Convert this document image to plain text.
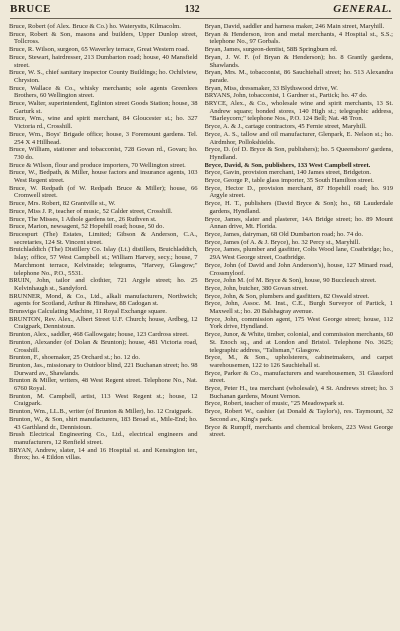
BRUCE	132	GENERAL.

Bruce, Robert (of Alex. Bruce & Co.) ho. Waterystts, Kilmacolm.

Bruce, Robert & Son, masons and builders, Upper Dunlop street, Tollcross.

Bruce, R. Wilson, surgeon, 65 Waverley terrace, Great Western road.

Bruce, Stewart, hairdresser, 213 Dumbarton road; house, 40 Mansfield street.

Bruce, W. S., chief sanitary inspector County Buildings; ho. Ochilview, Chryston.

Bruce, Wallace & Co., whisky merchants; sole agents Greenlees Brothers, 60 Wellington street.

Bruce, Walter, superintendent, Eglinton street Goods Station; house, 38 Garturk st.

Bruce, Wm., wine and spirit merchant, 84 Gloucester st.; ho. 327 Victoria rd., Crosshill.

Bruce, Wm., Boys' Brigade office; house, 3 Foremount gardens. Tel. 254 X 4 Hillhead.

Bruce, William, stationer and tobacconist, 728 Govan rd., Govan; ho. 730 do.

Bruce & Wilson, flour and produce importers, 70 Wellington street.

Bruce, W., Bedpath, & Miller, house factors and insurance agents, 103 West Regent street.

Bruce, W. Redpath (of W. Redpath Bruce & Miller); house, 66 Cromwell street.

Bruce, Mrs. Robert, 82 Grantville st., W.

Bruce, Miss J. P., teacher of music, 52 Calder street, Crosshill.

Bruce, The Misses, 1 Athole gardens ter., 26 Ruthven st.

Bruce, Marion, newsagent, 52 Hopehill road; house, 50 do.

Brucespurt (The) Estates, Limited; Gibson & Anderson, C.A., secretaries, 124 St. Vincent street.

Bruichladdich (The) Distillery Co. Islay (Lt.) distillers, Bruichladdich, Islay; office, 57 West Campbell st.; William Harvey, secy.; house, 7 Marchmont terrace, Kelvinside; telegrams, "Harvey, Glasgow;" telephone No., P.O., 5531.

BRUIN, John, tailor and clothier, 721 Argyle street; ho. 25 Kelvinhaugh st., Sandyford.

BRUNNER, Mond, & Co., Ltd., alkali manufacturers, Northwich; agents for Scotland, Arthur & Hinshaw, 88 Cadogan st.

Brunsviga Calculating Machine, 11 Royal Exchange square.

BRUNTON, Rev. Alex., Albert Street U.F. Church; house, Ardbeg, 12 Craigpark, Dennistoun.

Brunton, Alex., saddler, 468 Gallowgate; house, 123 Cardross street.

Brunton, Alexander (of Dolan & Brunton); house, 481 Victoria road, Crosshill.

Brunton, F., shoemaker, 25 Orchard st.; ho. 12 do.

Brunton, Jas., missionary to Outdoor blind, 221 Buchanan street; ho. 98 Durward av., Shawlands.

Brunton & Miller, writers, 48 West Regent street. Telephone No., Nat. 6760 Royal.

Brunton, M. Campbell, artist, 113 West Regent st.; house, 12 Craigpark.

Brunton, Wm., LL.B., writer (of Brunton & Miller), ho. 12 Craigpark.

Brunton, W., & Son, shirt manufacturers, 183 Broad st., Mile-End; ho. 43 Garthland dr., Dennistoun.

Brush Electrical Engineering Co., Ltd., electrical engineers and manufacturers, 12 Renfield street.

BRYAN, Andrew, slater, 14 and 16 Hospital st. and Kensington ter., Ibrox; ho. 4 Eildon villas.

Bryan, David, saddler and harness maker, 246 Main street, Maryhill.

Bryan & Henderson, iron and metal merchants, 4 Hospital st., S.S.; telephone No., 97 Gorbals.

Bryan, James, surgeon-dentist, 58B Springburn rd.

Bryan, J. W. F. (of Bryan & Henderson); ho. 8 Grantly gardens, Shawlands.

Bryan, Mrs. M., tobacconist, 86 Sauchiehall street; ho. 513 Alexandra parade.

Bryan, Miss, dressmaker, 33 Blythswood drive, W.

BRYANS, John, tobacconist, 1 Gardner st., Partick; ho. 47 do.

BRYCE, Alex., & Co., wholesale wine and spirit merchants, 13 St. Andrew square; bonded stores, 140 High st.; telegraphic address, "Barleycorn;" telephone Nos., P.O. 124 Bell; Nat. 48 Tron.

Bryce, A. & J., cartage contractors, 45 Fernie street, Maryhill.

Bryce, A. S., tallow and oil manufacturer, Glenpark, E. Nelson st.; ho. Airdmhor, Pollokshields.

Bryce, D. (of D. Bryce & Son, publishers); ho. 5 Queensboro' gardens, Hyndland.

Bryce, David, & Son, publishers, 133 West Campbell street.

Bryce, Gavin, provision merchant, 140 James street, Bridgeton.

Bryce, George P., table glass importer, 35 South Hamilton street.

Bryce, Hector D., provision merchant, 87 Hopehill road; ho. 919 Argyle street.

Bryce, H. T., publishers (David Bryce & Son); ho., 68 Lauderdale gardens, Hyndland.

Bryce, James, slater and plasterer, 14A Bridge street; ho. 89 Mount Annan drive, Mt. Florida.

Bryce, James, dairyman, 68 Old Dumbarton road; ho. 74 do.

Bryce, James (of A. & J. Bryce), ho. 32 Percy st., Maryhill.

Bryce, James, plumber and gasfitter, Colts Wood lane, Coatbridge; ho., 29A West George street, Coatbridge.

Bryce, John (of David and John Anderson's), house, 127 Minard road, Crossmyloof.

Bryce, John M. (of M. Bryce & Son), house, 90 Buccleuch street.

Bryce, John, butcher, 380 Govan street.

Bryce, John, & Son, plumbers and gasfitters, 82 Oswald street.

Bryce, John, Assoc. M. Inst., C.E., Burgh Surveyor of Partick, 1 Maxwell st.; ho. 20 Balshagray avenue.

Bryce, John, commission agent, 175 West George street; house, 112 York drive, Hyndland.

Bryce, Junor, & White, timber, colonial, and commission merchants, 60 St. Enoch sq., and at London and Bristol. Telephone No. 3625; telegraphic address, "Talisman," Glasgow.

Bryce, M., & Son., upholsterers, cabinetmakers, and carpet warehousemen, 122 to 126 Sauchiehall st.

Bryce, Parker & Co., manufacturers and warehousemen, 31 Glassford street.

Bryce, Peter H., tea merchant (wholesale), 4 St. Andrews street; ho. 3 Buchanan gardens, Mount Vernon.

Bryce, Robert, teacher of music, "25 Meadowpark st.

Bryce, Robert W., cashier (at Donald & Taylor's), res. Taymount, 32 Second av., King's park.

Bryce & Rumpff, merchants and chemical brokers, 223 West George street.
